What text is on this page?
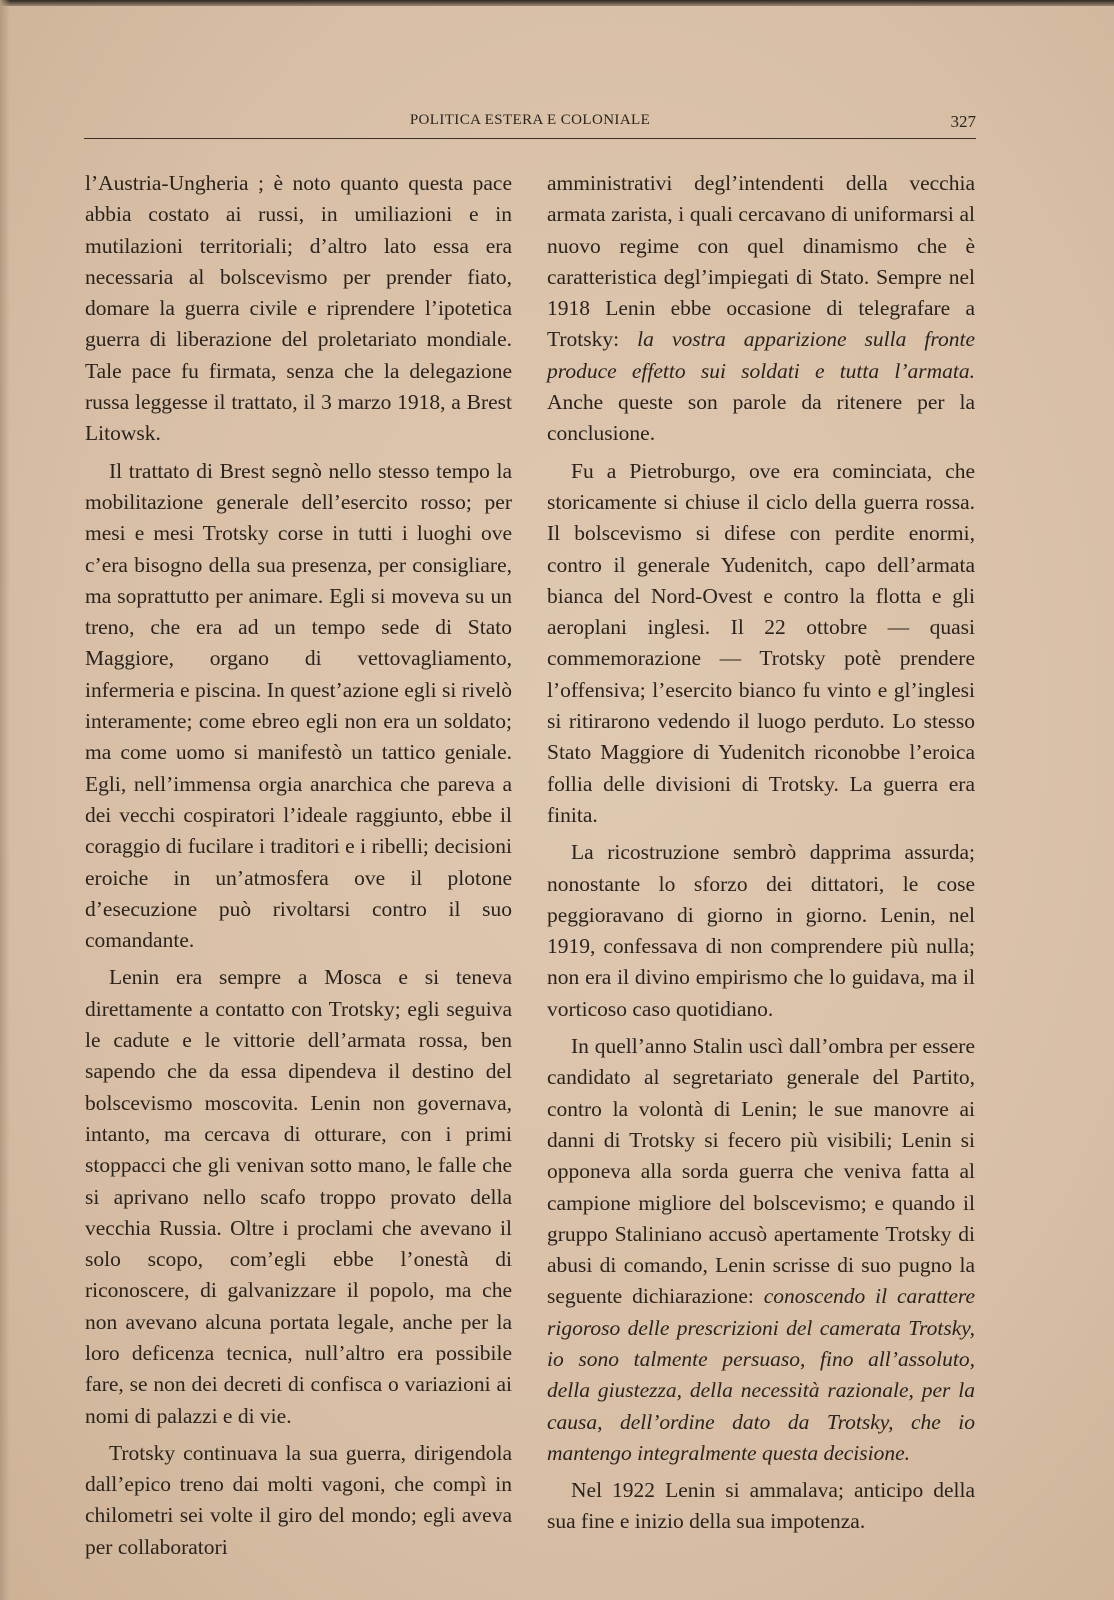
POLITICA ESTERA E COLONIALE	327

l’Austria-Ungheria ; è noto quanto questa pace abbia costato ai russi, in umiliazioni e in mutilazioni territoriali; d’altro lato essa era necessaria al bolscevismo per prender fiato, domare la guerra civile e riprendere l’ipotetica guerra di liberazione del proletariato mondiale. Tale pace fu firmata, senza che la delegazione russa leggesse il trattato, il 3 marzo 1918, a Brest Litowsk.

Il trattato di Brest segnò nello stesso tempo la mobilitazione generale dell’esercito rosso; per mesi e mesi Trotsky corse in tutti i luoghi ove c’era bisogno della sua presenza, per consigliare, ma soprattutto per animare. Egli si moveva su un treno, che era ad un tempo sede di Stato Maggiore, organo di vettovagliamento, infermeria e piscina. In quest’azione egli si rivelò interamente; come ebreo egli non era un soldato; ma come uomo si manifestò un tattico geniale. Egli, nell’immensa orgia anarchica che pareva a dei vecchi cospiratori l’ideale raggiunto, ebbe il coraggio di fucilare i traditori e i ribelli; decisioni eroiche in un’atmosfera ove il plotone d’esecuzione può rivoltarsi contro il suo comandante.

Lenin era sempre a Mosca e si teneva direttamente a contatto con Trotsky; egli seguiva le cadute e le vittorie dell’armata rossa, ben sapendo che da essa dipendeva il destino del bolscevismo moscovita. Lenin non governava, intanto, ma cercava di otturare, con i primi stoppacci che gli venivan sotto mano, le falle che si aprivano nello scafo troppo provato della vecchia Russia. Oltre i proclami che avevano il solo scopo, com’egli ebbe l’onestà di riconoscere, di galvanizzare il popolo, ma che non avevano alcuna portata legale, anche per la loro deficenza tecnica, null’altro era possibile fare, se non dei decreti di confisca o variazioni ai nomi di palazzi e di vie.

Trotsky continuava la sua guerra, dirigendola dall’epico treno dai molti vagoni, che compì in chilometri sei volte il giro del mondo; egli aveva per collaboratori

amministrativi degl’intendenti della vecchia armata zarista, i quali cercavano di uniformarsi al nuovo regime con quel dinamismo che è caratteristica degl’impiegati di Stato. Sempre nel 1918 Lenin ebbe occasione di telegrafare a Trotsky: la vostra apparizione sulla fronte produce effetto sui soldati e tutta l’armata. Anche queste son parole da ritenere per la conclusione.

Fu a Pietroburgo, ove era cominciata, che storicamente si chiuse il ciclo della guerra rossa. Il bolscevismo si difese con perdite enormi, contro il generale Yudenitch, capo dell’armata bianca del Nord-Ovest e contro la flotta e gli aeroplani inglesi. Il 22 ottobre — quasi commemorazione — Trotsky potè prendere l’offensiva; l’esercito bianco fu vinto e gl’inglesi si ritirarono vedendo il luogo perduto. Lo stesso Stato Maggiore di Yudenitch riconobbe l’eroica follia delle divisioni di Trotsky. La guerra era finita.

La ricostruzione sembrò dapprima assurda; nonostante lo sforzo dei dittatori, le cose peggioravano di giorno in giorno. Lenin, nel 1919, confessava di non comprendere più nulla; non era il divino empirismo che lo guidava, ma il vorticoso caso quotidiano.

In quell’anno Stalin uscì dall’ombra per essere candidato al segretariato generale del Partito, contro la volontà di Lenin; le sue manovre ai danni di Trotsky si fecero più visibili; Lenin si opponeva alla sorda guerra che veniva fatta al campione migliore del bolscevismo; e quando il gruppo Staliniano accusò apertamente Trotsky di abusi di comando, Lenin scrisse di suo pugno la seguente dichiarazione: conoscendo il carattere rigoroso delle prescrizioni del camerata Trotsky, io sono talmente persuaso, fino all’assoluto, della giustezza, della necessità razionale, per la causa, dell’ordine dato da Trotsky, che io mantengo integralmente questa decisione.

Nel 1922 Lenin si ammalava; anticipo della sua fine e inizio della sua impotenza.
